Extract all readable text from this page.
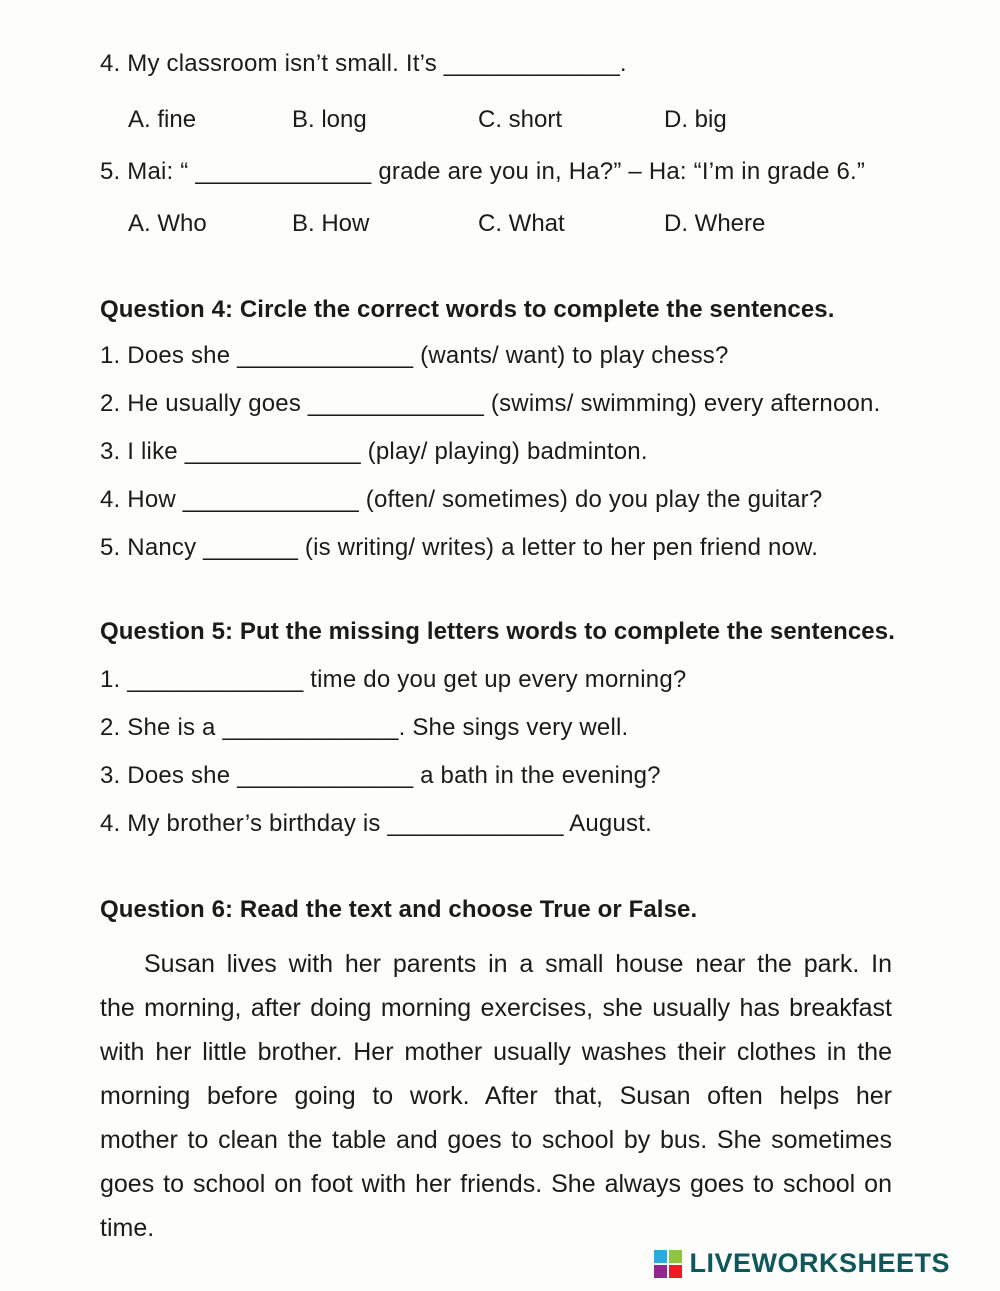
4. My classroom isn’t small. It’s _____________.
A. fine	B. long	C. short	D. big
5. Mai: “ _____________ grade are you in, Ha?” – Ha: “I’m in grade 6.”
A. Who	B. How	C. What	D. Where
Question 4: Circle the correct words to complete the sentences.
1. Does she _____________ (wants/ want) to play chess?
2. He usually goes _____________ (swims/ swimming) every afternoon.
3. I like _____________ (play/ playing) badminton.
4. How _____________ (often/ sometimes) do you play the guitar?
5. Nancy _______ (is writing/ writes) a letter to her pen friend now.
Question 5: Put the missing letters words to complete the sentences.
1. _____________ time do you get up every morning?
2. She is a _____________. She sings very well.
3. Does she _____________ a bath in the evening?
4. My brother’s birthday is _____________ August.
Question 6: Read the text and choose True or False.
Susan lives with her parents in a small house near the park. In the morning, after doing morning exercises, she usually has breakfast with her little brother. Her mother usually washes their clothes in the morning before going to work. After that, Susan often helps her mother to clean the table and goes to school by bus. She sometimes goes to school on foot with her friends. She always goes to school on time.
LIVEWORKSHEETS
